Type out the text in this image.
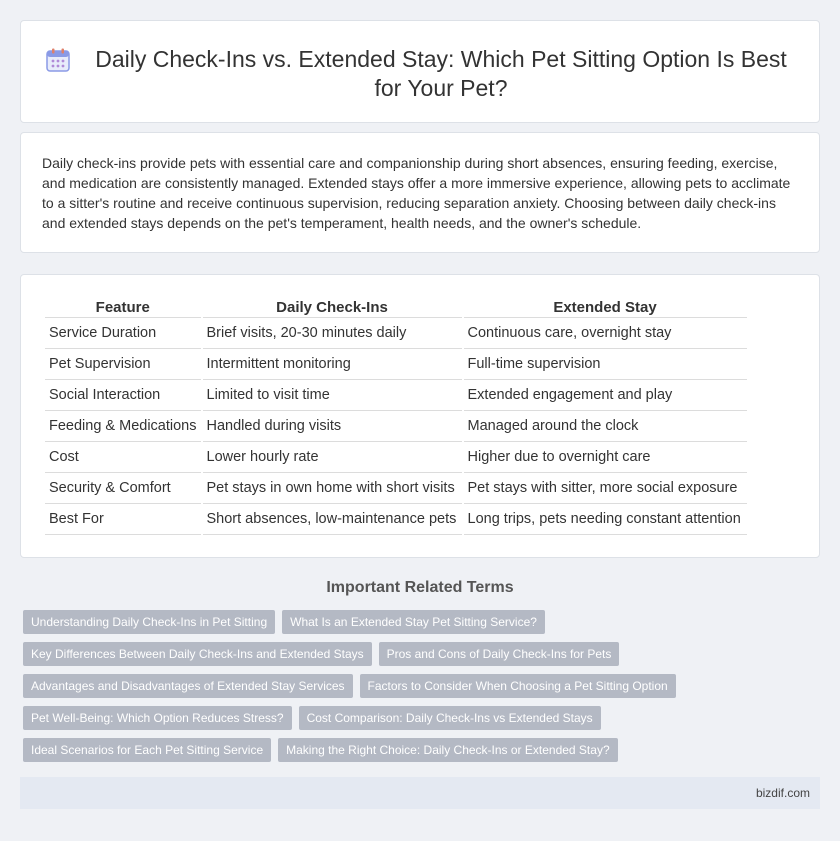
Daily Check-Ins vs. Extended Stay: Which Pet Sitting Option Is Best for Your Pet?

Daily check-ins provide pets with essential care and companionship during short absences, ensuring feeding, exercise, and medication are consistently managed. Extended stays offer a more immersive experience, allowing pets to acclimate to a sitter's routine and receive continuous supervision, reducing separation anxiety. Choosing between daily check-ins and extended stays depends on the pet's temperament, health needs, and the owner's schedule.

Feature	Daily Check-Ins	Extended Stay
Service Duration	Brief visits, 20-30 minutes daily	Continuous care, overnight stay
Pet Supervision	Intermittent monitoring	Full-time supervision
Social Interaction	Limited to visit time	Extended engagement and play
Feeding & Medications	Handled during visits	Managed around the clock
Cost	Lower hourly rate	Higher due to overnight care
Security & Comfort	Pet stays in own home with short visits	Pet stays with sitter, more social exposure
Best For	Short absences, low-maintenance pets	Long trips, pets needing constant attention
Important Related Terms
Understanding Daily Check-Ins in Pet Sitting	What Is an Extended Stay Pet Sitting Service?
Key Differences Between Daily Check-Ins and Extended Stays	Pros and Cons of Daily Check-Ins for Pets
Advantages and Disadvantages of Extended Stay Services	Factors to Consider When Choosing a Pet Sitting Option
Pet Well-Being: Which Option Reduces Stress?	Cost Comparison: Daily Check-Ins vs Extended Stays
Ideal Scenarios for Each Pet Sitting Service	Making the Right Choice: Daily Check-Ins or Extended Stay?
bizdif.com
